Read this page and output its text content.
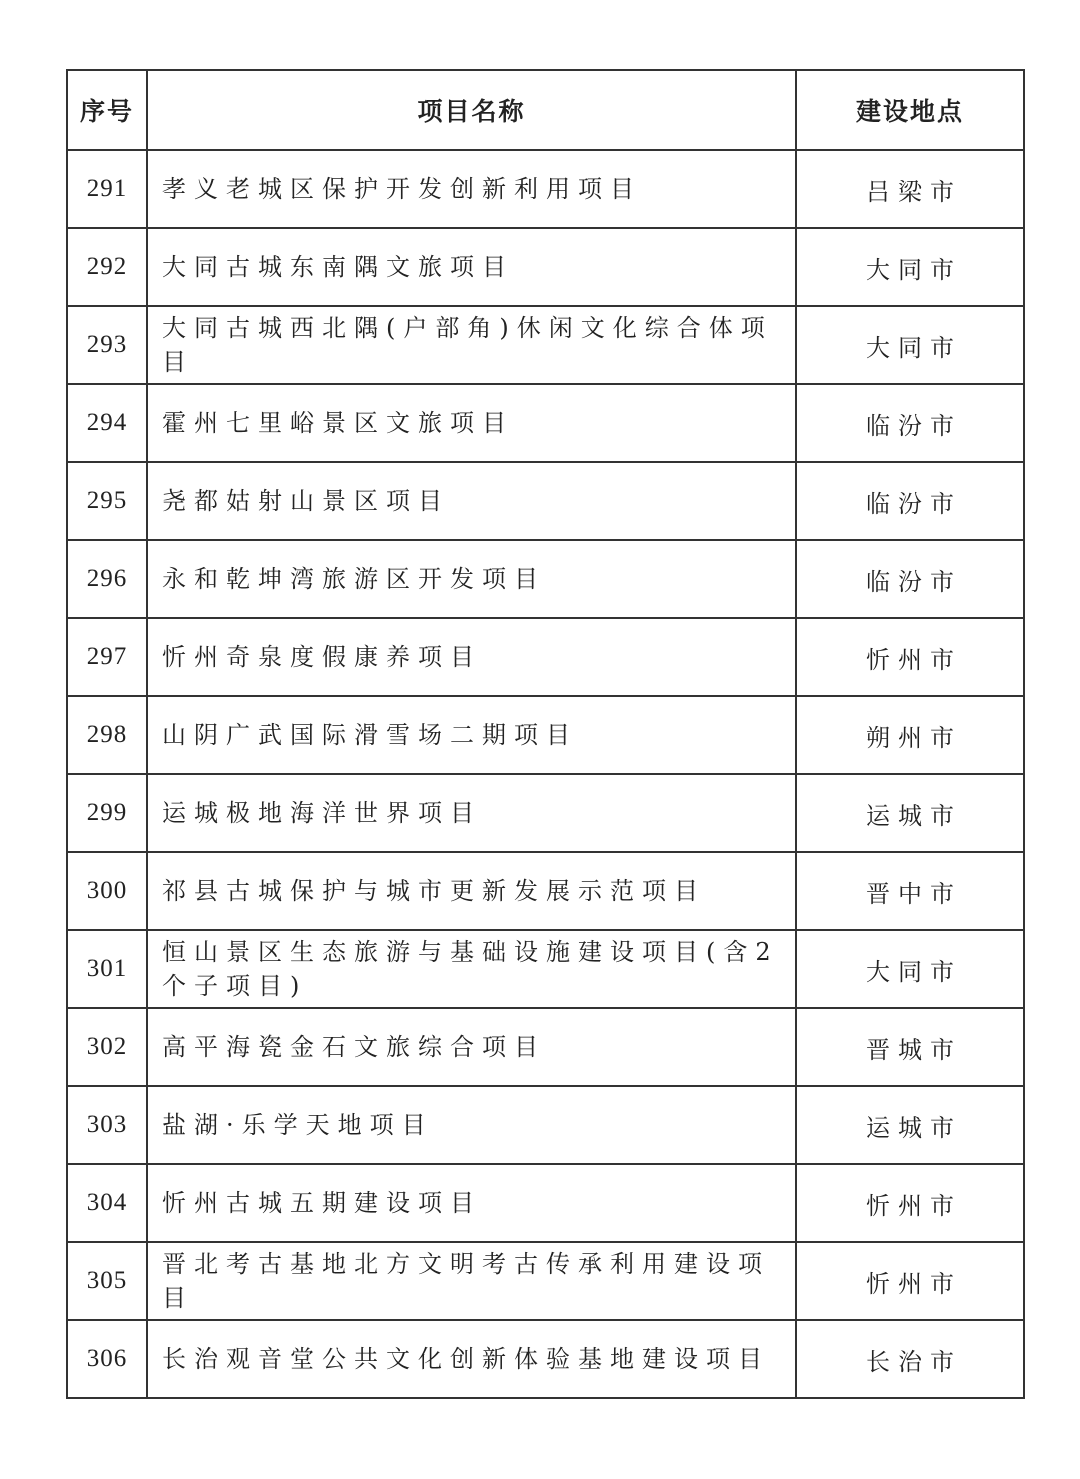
序号	项目名称	建设地点
291	孝义老城区保护开发创新利用项目	吕梁市
292	大同古城东南隅文旅项目	大同市
293	大同古城西北隅(户部角)休闲文化综合体项目	大同市
294	霍州七里峪景区文旅项目	临汾市
295	尧都姑射山景区项目	临汾市
296	永和乾坤湾旅游区开发项目	临汾市
297	忻州奇泉度假康养项目	忻州市
298	山阴广武国际滑雪场二期项目	朔州市
299	运城极地海洋世界项目	运城市
300	祁县古城保护与城市更新发展示范项目	晋中市
301	恒山景区生态旅游与基础设施建设项目(含2个子项目)	大同市
302	高平海瓷金石文旅综合项目	晋城市
303	盐湖·乐学天地项目	运城市
304	忻州古城五期建设项目	忻州市
305	晋北考古基地北方文明考古传承利用建设项目	忻州市
306	长治观音堂公共文化创新体验基地建设项目	长治市
